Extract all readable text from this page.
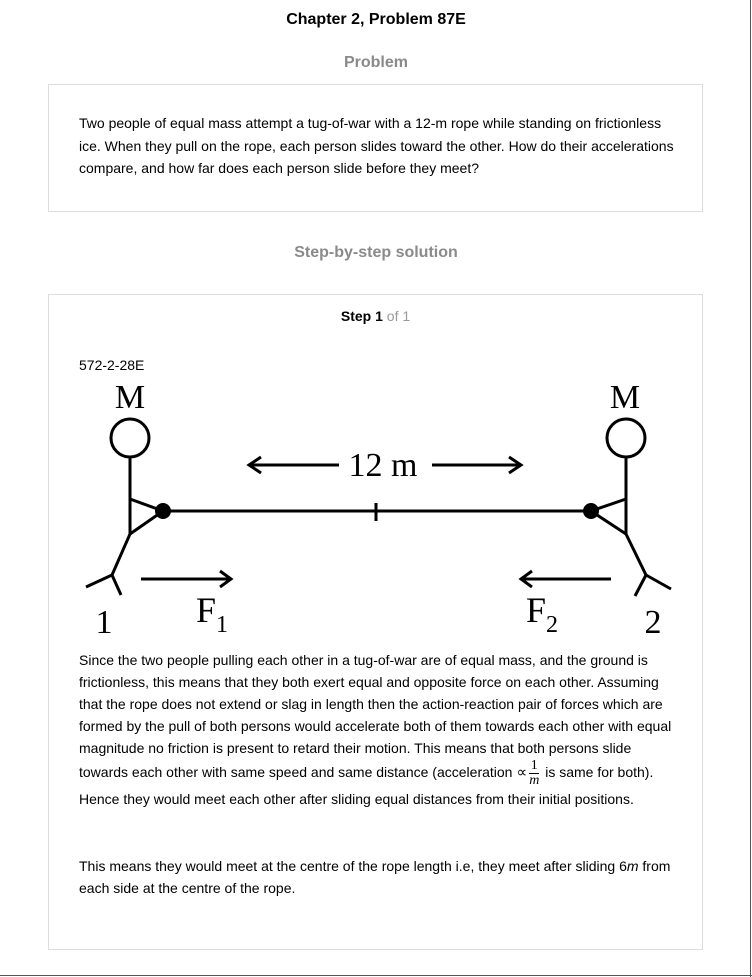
Chapter 2, Problem 87E
Problem
Two people of equal mass attempt a tug-of-war with a 12-m rope while standing on frictionless ice. When they pull on the rope, each person slides toward the other. How do their accelerations compare, and how far does each person slide before they meet?
Step-by-step solution
Step 1 of 1
572-2-28E
M
1
M
2
12 m
$F_1$	$F_2$
Since the two people pulling each other in a tug-of-war are of equal mass, and the ground is frictionless, this means that they both exert equal and opposite force on each other. Assuming that the rope does not extend or slag in length then the action-reaction pair of forces which are formed by the pull of both persons would accelerate both of them towards each other with equal magnitude no friction is present to retard their motion. This means that both persons slide towards each other with same speed and same distance (acceleration ∝ $\frac{1}{m}$ is same for both). Hence they would meet each other after sliding equal distances from their initial positions.
This means they would meet at the centre of the rope length i.e, they meet after sliding 6m from each side at the centre of the rope.
